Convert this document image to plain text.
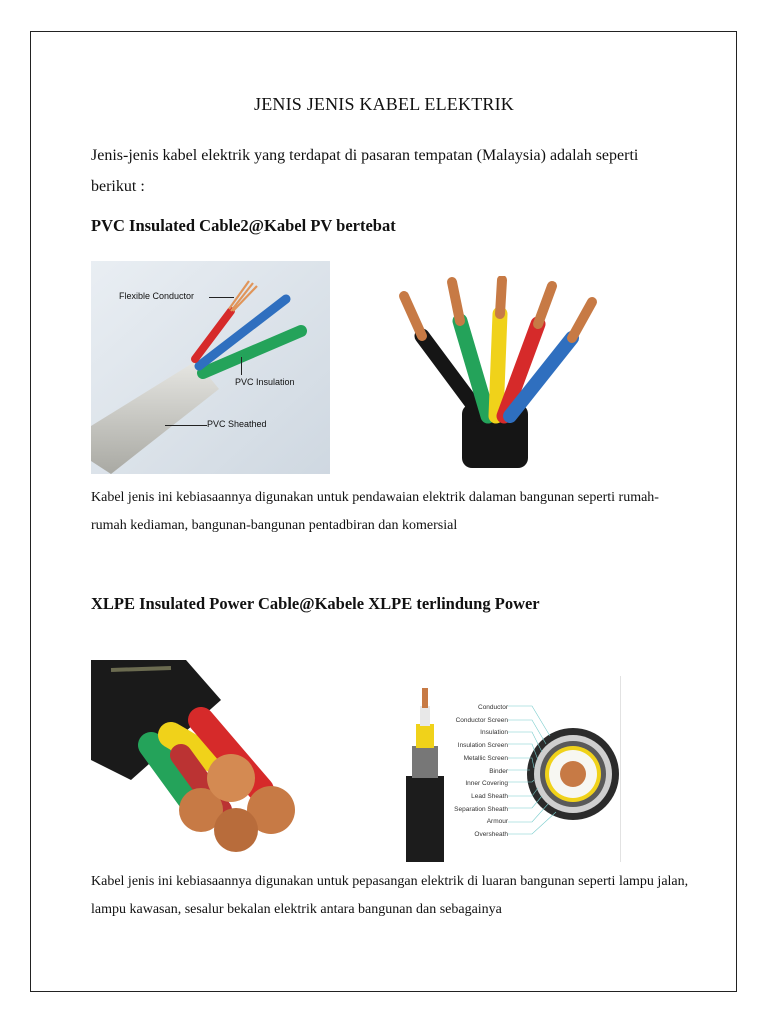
JENIS JENIS KABEL ELEKTRIK
Jenis-jenis kabel elektrik yang terdapat di pasaran tempatan (Malaysia) adalah seperti berikut :
PVC Insulated Cable2@Kabel PV bertebat
Flexible Conductor
PVC Insulation
PVC Sheathed
Kabel jenis ini kebiasaannya digunakan untuk pendawaian elektrik dalaman bangunan seperti rumah-rumah kediaman, bangunan-bangunan pentadbiran dan komersial
XLPE Insulated Power Cable@Kabele XLPE terlindung Power
Conductor
Conductor Screen
Insulation
Insulation Screen
Metallic Screen
Binder
Inner Covering
Lead Sheath
Separation Sheath
Armour
Oversheath
Kabel jenis ini kebiasaannya digunakan untuk pepasangan elektrik di luaran bangunan seperti lampu jalan, lampu kawasan, sesalur bekalan elektrik antara bangunan dan sebagainya
